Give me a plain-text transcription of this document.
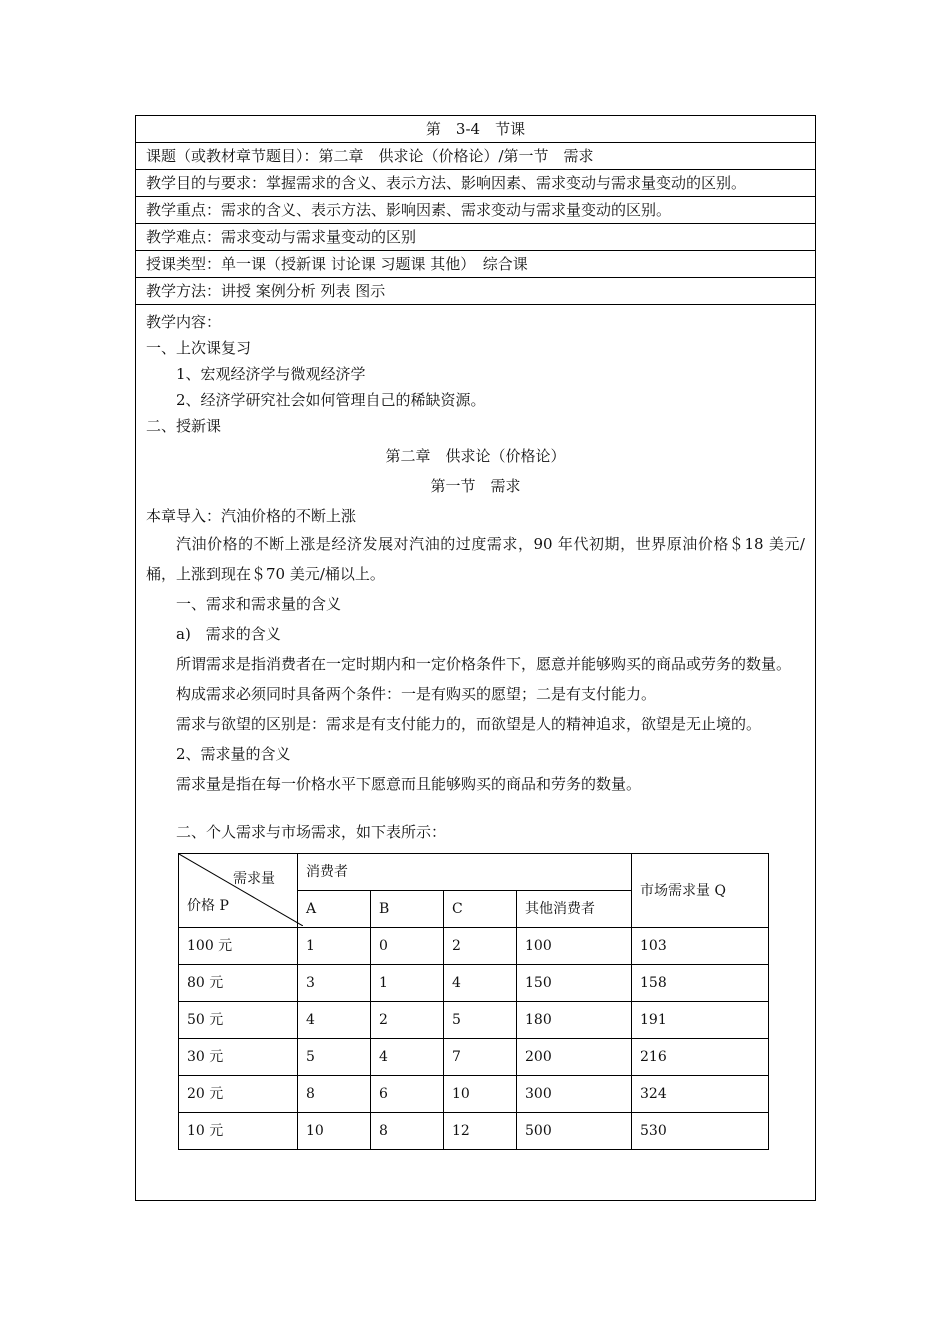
第　3-4　节课
课题（或教材章节题目）：第二章　供求论（价格论）/第一节　需求
教学目的与要求：掌握需求的含义、表示方法、影响因素、需求变动与需求量变动的区别。
教学重点：需求的含义、表示方法、影响因素、需求变动与需求量变动的区别。
教学难点：需求变动与需求量变动的区别
授课类型：单一课（授新课 讨论课 习题课 其他）　综合课
教学方法：讲授 案例分析 列表 图示

教学内容：

一、上次课复习

1、宏观经济学与微观经济学

2、经济学研究社会如何管理自己的稀缺资源。

二、授新课

第二章　供求论（价格论）

第一节　需求

本章导入：汽油价格的不断上涨

汽油价格的不断上涨是经济发展对汽油的过度需求，90 年代初期，世界原油价格＄18 美元/桶，上涨到现在＄70 美元/桶以上。

一、需求和需求量的含义

a)　需求的含义

所谓需求是指消费者在一定时期内和一定价格条件下，愿意并能够购买的商品或劳务的数量。

构成需求必须同时具备两个条件：一是有购买的愿望；二是有支付能力。

需求与欲望的区别是：需求是有支付能力的，而欲望是人的精神追求，欲望是无止境的。

2、需求量的含义

需求量是指在每一价格水平下愿意而且能够购买的商品和劳务的数量。

二、个人需求与市场需求，如下表所示：

需求量
价格 P	消费者				市场需求量 Q
	A	B	C	其他消费者	
100 元	1	0	2	100	103
80 元	3	1	4	150	158
50 元	4	2	5	180	191
30 元	5	4	7	200	216
20 元	8	6	10	300	324
10 元	10	8	12	500	530
